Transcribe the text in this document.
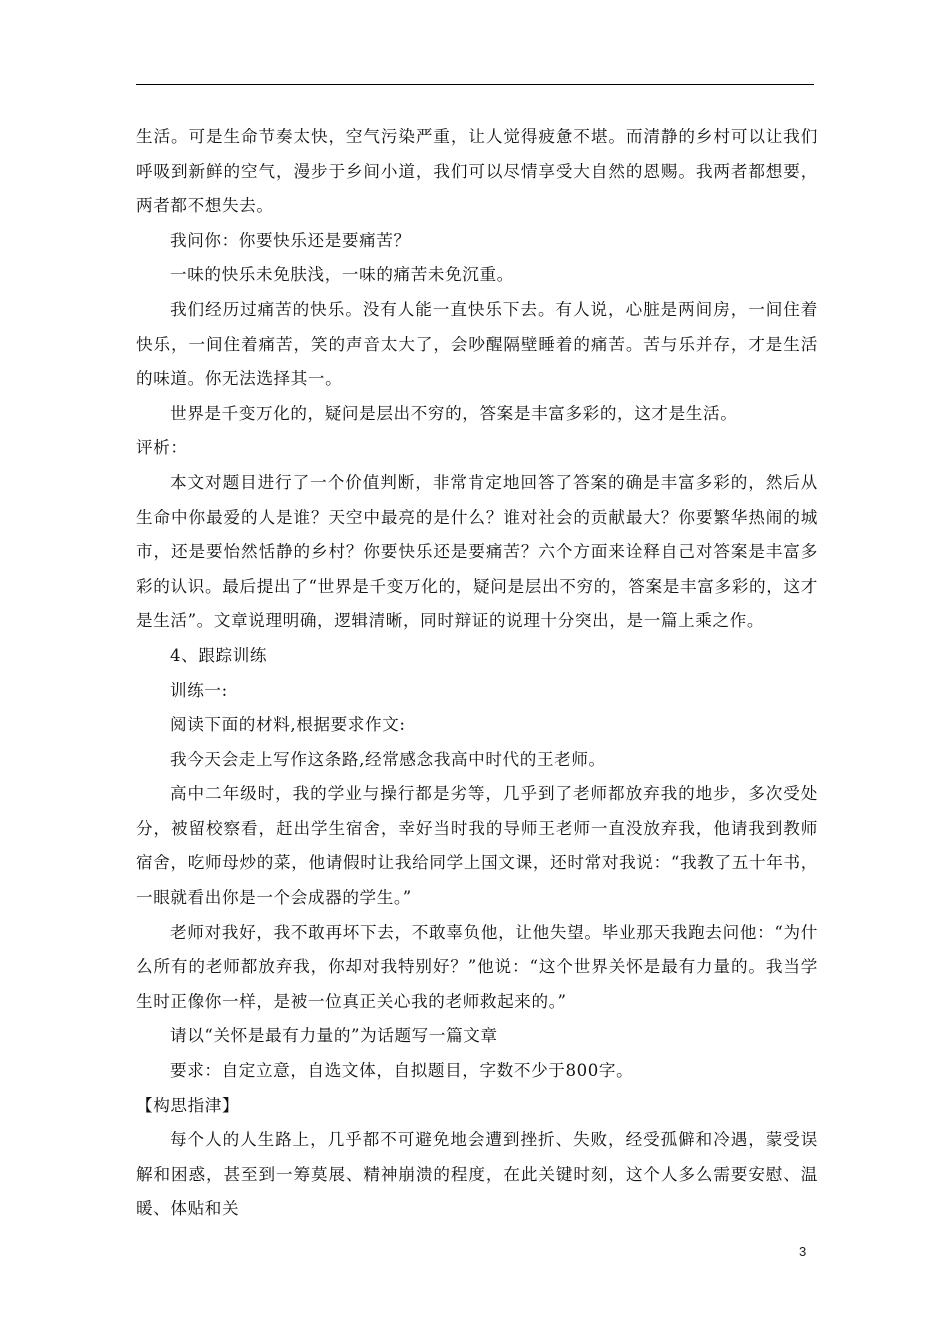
生活。可是生命节奏太快，空气污染严重，让人觉得疲惫不堪。而清静的乡村可以让我们呼吸到新鲜的空气，漫步于乡间小道，我们可以尽情享受大自然的恩赐。我两者都想要，两者都不想失去。

我问你：你要快乐还是要痛苦？

一味的快乐未免肤浅，一味的痛苦未免沉重。

我们经历过痛苦的快乐。没有人能一直快乐下去。有人说，心脏是两间房，一间住着快乐，一间住着痛苦，笑的声音太大了，会吵醒隔壁睡着的痛苦。苦与乐并存，才是生活的味道。你无法选择其一。

世界是千变万化的，疑问是层出不穷的，答案是丰富多彩的，这才是生活。

评析：

本文对题目进行了一个价值判断，非常肯定地回答了答案的确是丰富多彩的，然后从生命中你最爱的人是谁？天空中最亮的是什么？谁对社会的贡献最大？你要繁华热闹的城市，还是要怡然恬静的乡村？你要快乐还是要痛苦？六个方面来诠释自己对答案是丰富多彩的认识。最后提出了“世界是千变万化的，疑问是层出不穷的，答案是丰富多彩的，这才是生活”。文章说理明确，逻辑清晰，同时辩证的说理十分突出，是一篇上乘之作。

4、跟踪训练

训练一:

阅读下面的材料,根据要求作文:

我今天会走上写作这条路,经常感念我高中时代的王老师。

高中二年级时，我的学业与操行都是劣等，几乎到了老师都放弃我的地步，多次受处分，被留校察看，赶出学生宿舍，幸好当时我的导师王老师一直没放弃我，他请我到教师宿舍，吃师母炒的菜，他请假时让我给同学上国文课，还时常对我说：“我教了五十年书，一眼就看出你是一个会成器的学生。”

老师对我好，我不敢再坏下去，不敢辜负他，让他失望。毕业那天我跑去问他：“为什么所有的老师都放弃我，你却对我特别好？”他说：“这个世界关怀是最有力量的。我当学生时正像你一样，是被一位真正关心我的老师救起来的。”

请以“关怀是最有力量的”为话题写一篇文章

要求：自定立意，自选文体，自拟题目，字数不少于800字。

【构思指津】

每个人的人生路上，几乎都不可避免地会遭到挫折、失败，经受孤僻和冷遇，蒙受误解和困惑，甚至到一筹莫展、精神崩溃的程度，在此关键时刻，这个人多么需要安慰、温暖、体贴和关

3
